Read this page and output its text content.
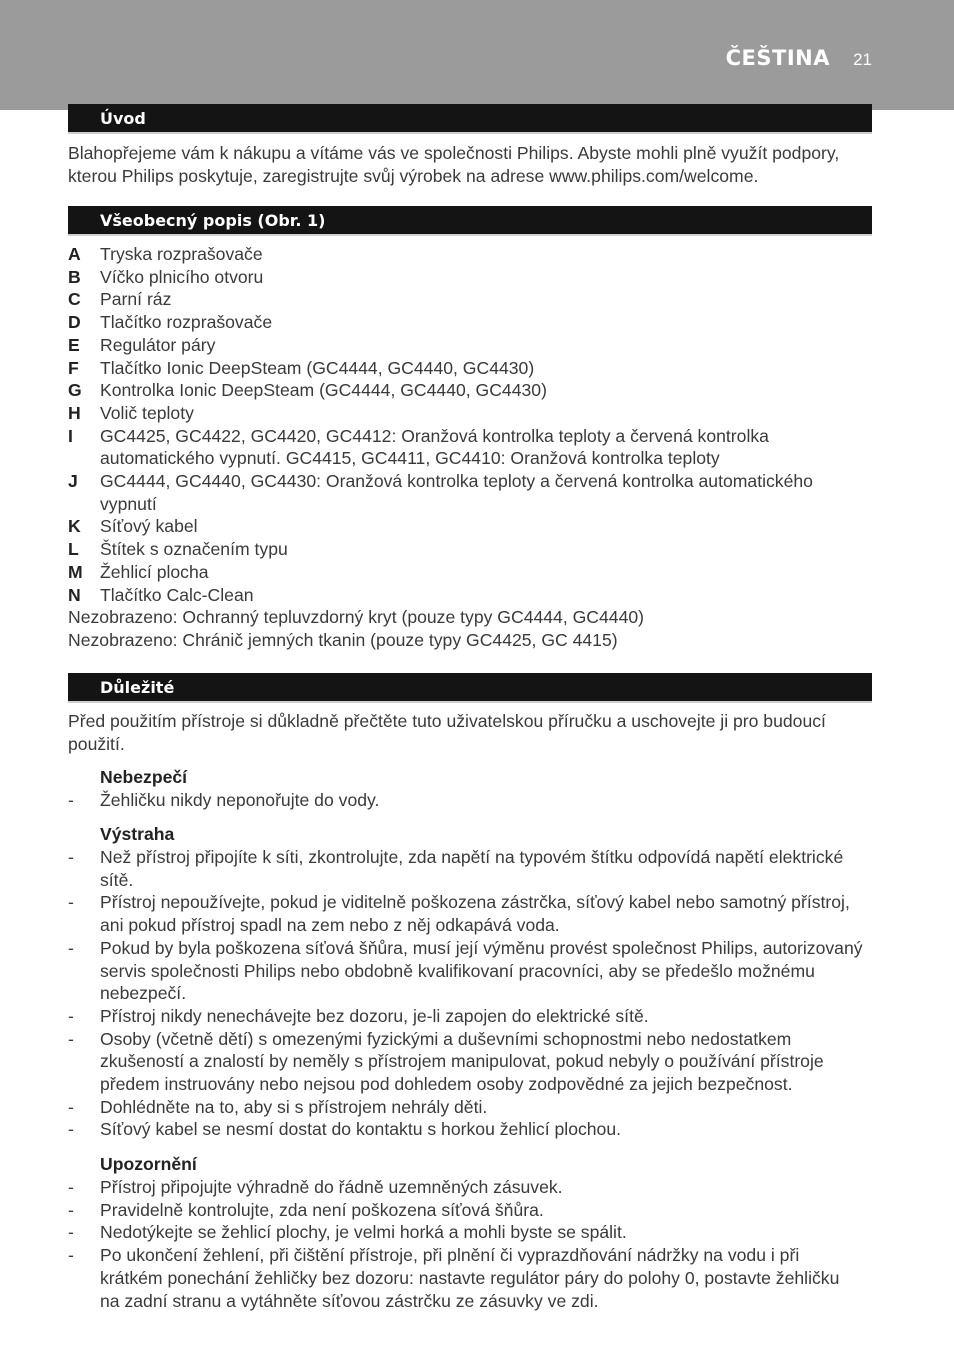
ČEŠTINA 21
Úvod
Blahopřejeme vám k nákupu a vítáme vás ve společnosti Philips. Abyste mohli plně využít podpory,
kterou Philips poskytuje, zaregistrujte svůj výrobek na adrese www.philips.com/welcome.
Všeobecný popis (Obr. 1)
A Tryska rozprašovače
B Víčko plnicího otvoru
C Parní ráz
D Tlačítko rozprašovače
E Regulátor páry
F Tlačítko Ionic DeepSteam (GC4444, GC4440, GC4430)
G Kontrolka Ionic DeepSteam (GC4444, GC4440, GC4430)
H Volič teploty
I GC4425, GC4422, GC4420, GC4412: Oranžová kontrolka teploty a červená kontrolka
automatického vypnutí. GC4415, GC4411, GC4410: Oranžová kontrolka teploty
J GC4444, GC4440, GC4430: Oranžová kontrolka teploty a červená kontrolka automatického
vypnutí
K Síťový kabel
L Štítek s označením typu
M Žehlicí plocha
N Tlačítko Calc-Clean
Nezobrazeno: Ochranný tepluvzdorný kryt (pouze typy GC4444, GC4440)
Nezobrazeno: Chránič jemných tkanin (pouze typy GC4425, GC 4415)
Důležité
Před použitím přístroje si důkladně přečtěte tuto uživatelskou příručku a uschovejte ji pro budoucí
použití.
Nebezpečí
- Žehličku nikdy neponořujte do vody.
Výstraha
- Než přístroj připojíte k síti, zkontrolujte, zda napětí na typovém štítku odpovídá napětí elektrické
sítě.
- Přístroj nepoužívejte, pokud je viditelně poškozena zástrčka, síťový kabel nebo samotný přístroj,
ani pokud přístroj spadl na zem nebo z něj odkapává voda.
- Pokud by byla poškozena síťová šňůra, musí její výměnu provést společnost Philips, autorizovaný
servis společnosti Philips nebo obdobně kvalifikovaní pracovníci, aby se předešlo možnému
nebezpečí.
- Přístroj nikdy nenechávejte bez dozoru, je-li zapojen do elektrické sítě.
- Osoby (včetně dětí) s omezenými fyzickými a duševními schopnostmi nebo nedostatkem
zkušeností a znalostí by neměly s přístrojem manipulovat, pokud nebyly o používání přístroje
předem instruovány nebo nejsou pod dohledem osoby zodpovědné za jejich bezpečnost.
- Dohlédněte na to, aby si s přístrojem nehrály děti.
- Síťový kabel se nesmí dostat do kontaktu s horkou žehlicí plochou.
Upozornění
- Přístroj připojujte výhradně do řádně uzemněných zásuvek.
- Pravidelně kontrolujte, zda není poškozena síťová šňůra.
- Nedotýkejte se žehlicí plochy, je velmi horká a mohli byste se spálit.
- Po ukončení žehlení, při čištění přístroje, při plnění či vyprazdňování nádržky na vodu i při
krátkém ponechání žehličky bez dozoru: nastavte regulátor páry do polohy 0, postavte žehličku
na zadní stranu a vytáhněte síťovou zástrčku ze zásuvky ve zdi.
